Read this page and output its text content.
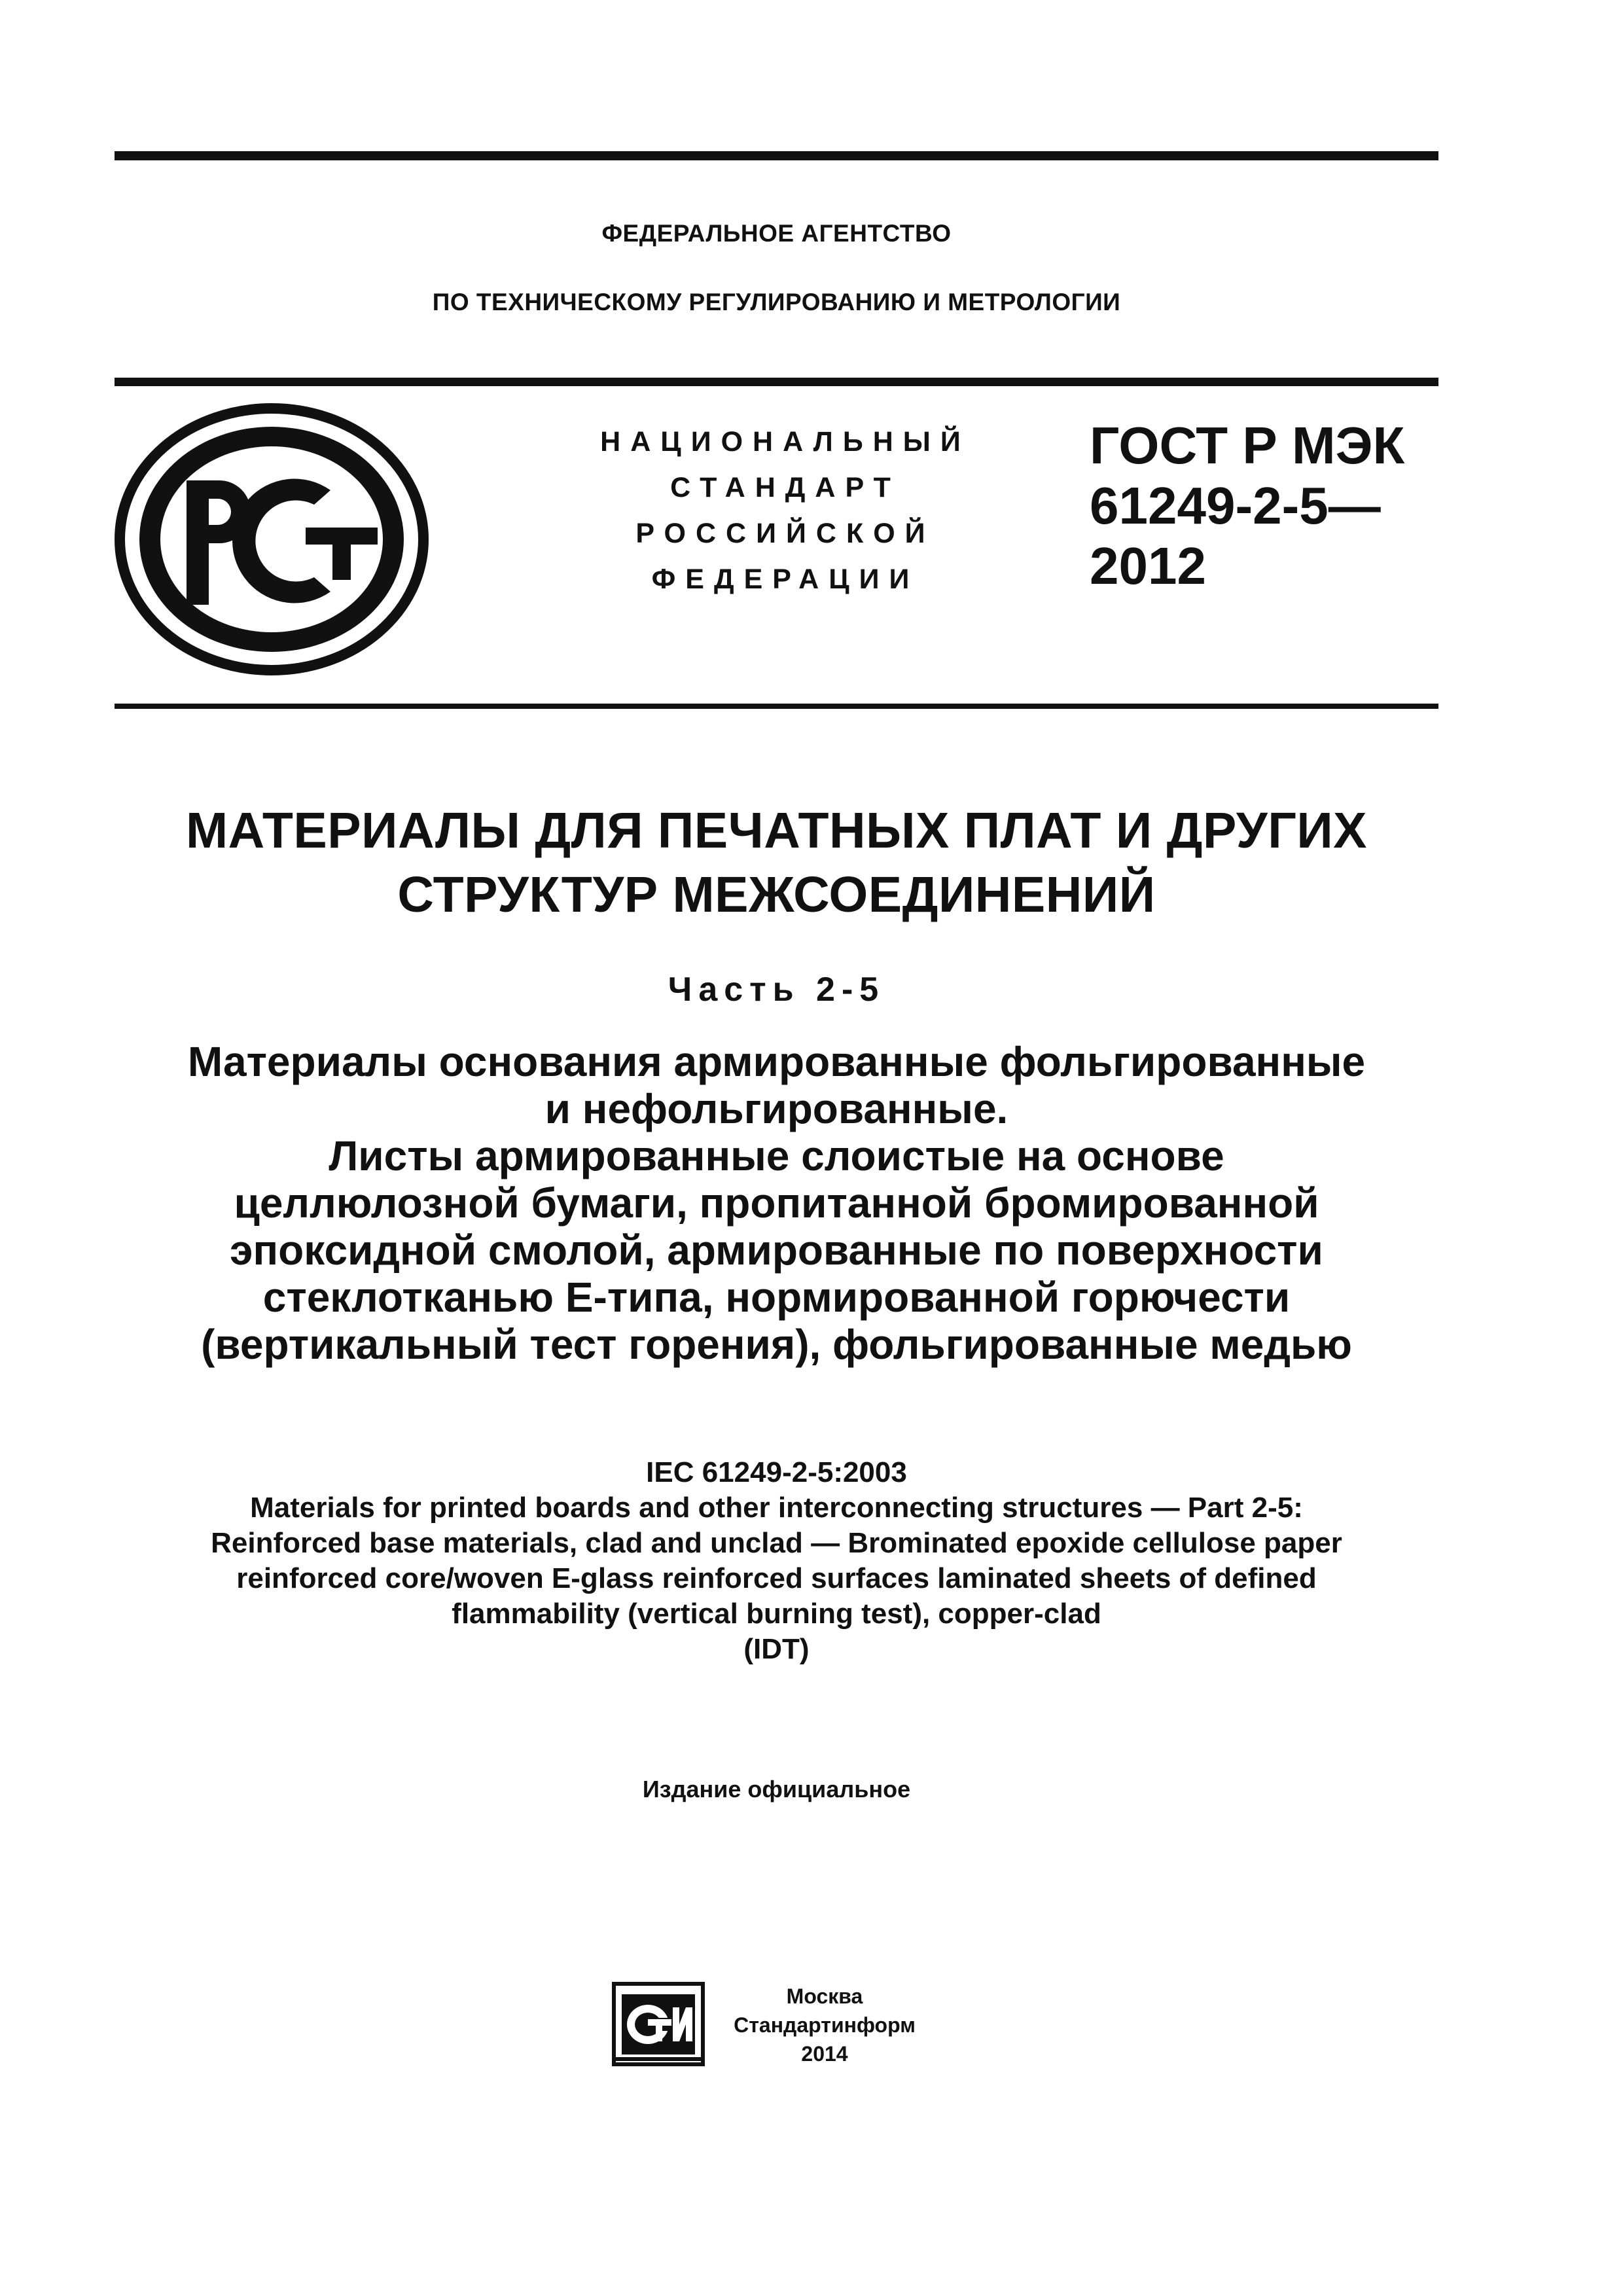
ФЕДЕРАЛЬНОЕ АГЕНТСТВО
ПО ТЕХНИЧЕСКОМУ РЕГУЛИРОВАНИЮ И МЕТРОЛОГИИ
НАЦИОНАЛЬНЫЙ
СТАНДАРТ
РОССИЙСКОЙ
ФЕДЕРАЦИИ
ГОСТ Р МЭК
61249-2-5—
2012
МАТЕРИАЛЫ ДЛЯ ПЕЧАТНЫХ ПЛАТ И ДРУГИХ
СТРУКТУР МЕЖСОЕДИНЕНИЙ
Часть 2-5
Материалы основания армированные фольгированные
и нефольгированные.
Листы армированные слоистые на основе
целлюлозной бумаги, пропитанной бромированной
эпоксидной смолой, армированные по поверхности
стеклотканью Е-типа, нормированной горючести
(вертикальный тест горения), фольгированные медью
IEC 61249-2-5:2003
Materials for printed boards and other interconnecting structures — Part 2-5:
Reinforced base materials, clad and unclad — Brominated epoxide cellulose paper
reinforced core/woven E-glass reinforced surfaces laminated sheets of defined
flammability (vertical burning test), copper-clad
(IDT)
Издание официальное
Москва
Стандартинформ
2014
